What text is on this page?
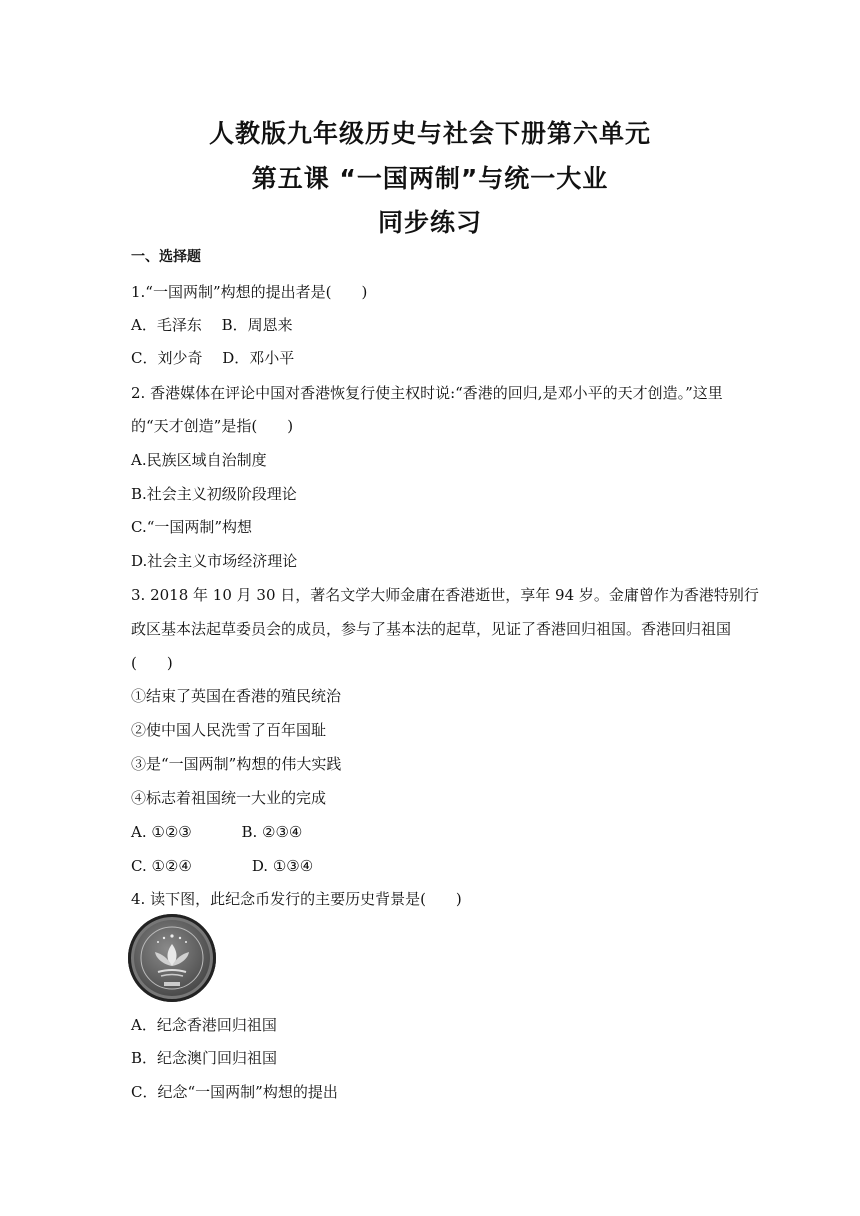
人教版九年级历史与社会下册第六单元
第五课 “一国两制”与统一大业
同步练习
一、选择题
1.“一国两制”构想的提出者是(　　)
A．毛泽东　 B．周恩来
C．刘少奇　 D．邓小平
2. 香港媒体在评论中国对香港恢复行使主权时说:“香港的回归,是邓小平的天才创造。”这里
的“天才创造”是指(　　)
A.民族区域自治制度
B.社会主义初级阶段理论
C.“一国两制”构想
D.社会主义市场经济理论
3. 2018 年 10 月 30 日，著名文学大师金庸在香港逝世，享年 94 岁。金庸曾作为香港特别行
政区基本法起草委员会的成员，参与了基本法的起草，见证了香港回归祖国。香港回归祖国
(　　)
①结束了英国在香港的殖民统治
②使中国人民洗雪了百年国耻
③是“一国两制”构想的伟大实践
④标志着祖国统一大业的完成
A. ①②③　　　 B. ②③④
C. ①②④　　　　D. ①③④
4. 读下图，此纪念币发行的主要历史背景是(　　)
A．纪念香港回归祖国
B．纪念澳门回归祖国
C．纪念“一国两制”构想的提出
